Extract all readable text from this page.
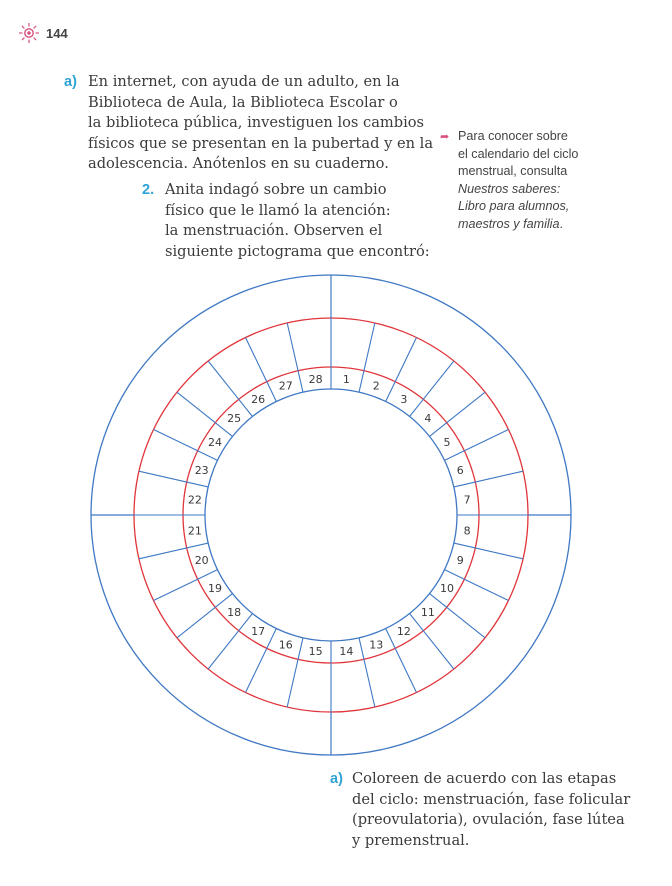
144
a) En internet, con ayuda de un adulto, en la
Biblioteca de Aula, la Biblioteca Escolar o
la biblioteca pública, investiguen los cambios
físicos que se presentan en la pubertad y en la
adolescencia. Anótenlos en su cuaderno.
➦ Para conocer sobre
el calendario del ciclo
menstrual, consulta
Nuestros saberes:
Libro para alumnos,
maestros y familia.
2. Anita indagó sobre un cambio
físico que le llamó la atención:
la menstruación. Observen el
siguiente pictograma que encontró:
1
2
3
4
5
6
7
8
9
10
11
12
13
14
15
16
17
18
19
20
21
22
23
24
25
26
27
28
a) Coloreen de acuerdo con las etapas
del ciclo: menstruación, fase folicular
(preovulatoria), ovulación, fase lútea
y premenstrual.
